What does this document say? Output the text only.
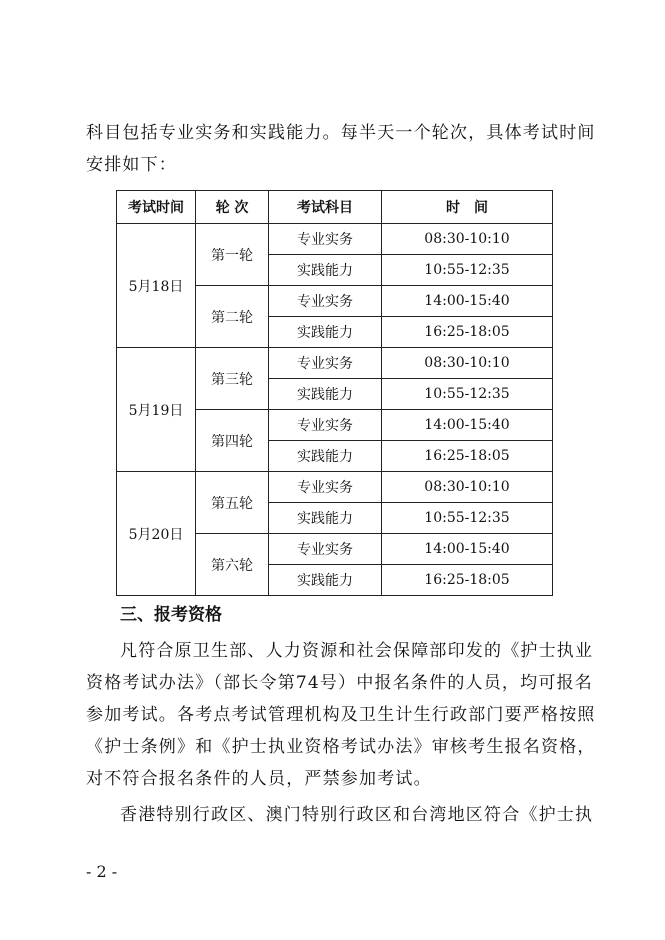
科目包括专业实务和实践能力。每半天一个轮次，具体考试时间
安排如下：
考试时间	轮 次	考试科目	时　间
5月18日	第一轮	专业实务	08:30-10:10
		实践能力	10:55-12:35
	第二轮	专业实务	14:00-15:40
		实践能力	16:25-18:05
5月19日	第三轮	专业实务	08:30-10:10
		实践能力	10:55-12:35
	第四轮	专业实务	14:00-15:40
		实践能力	16:25-18:05
5月20日	第五轮	专业实务	08:30-10:10
		实践能力	10:55-12:35
	第六轮	专业实务	14:00-15:40
		实践能力	16:25-18:05
三、报考资格
凡符合原卫生部、人力资源和社会保障部印发的《护士执业
资格考试办法》（部长令第74号）中报名条件的人员，均可报名
参加考试。各考点考试管理机构及卫生计生行政部门要严格按照
《护士条例》和《护士执业资格考试办法》审核考生报名资格，
对不符合报名条件的人员，严禁参加考试。
香港特别行政区、澳门特别行政区和台湾地区符合《护士执
- 2 -
